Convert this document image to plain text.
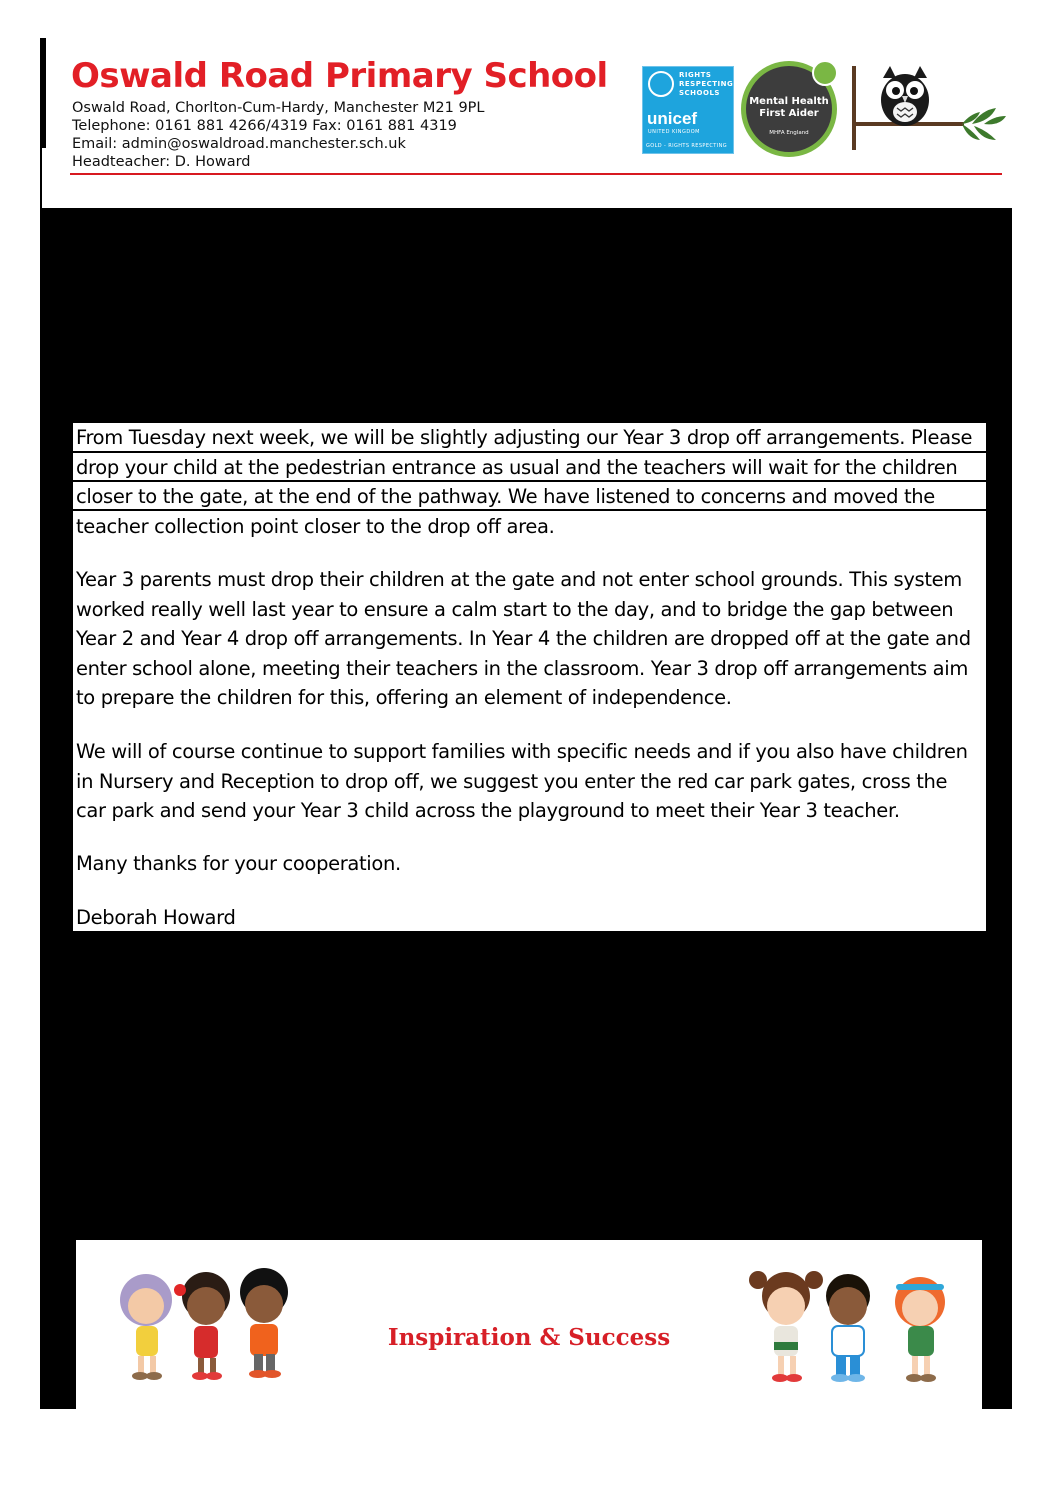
Oswald Road Primary School
Oswald Road, Chorlton-Cum-Hardy, Manchester M21 9PL
Telephone: 0161 881 4266/4319 Fax: 0161 881 4319
Email: admin@oswaldroad.manchester.sch.uk
Headteacher: D. Howard
RIGHTS
RESPECTING
SCHOOLS
unicef
UNITED KINGDOM
GOLD - RIGHTS RESPECTING
Mental Health
First Aider
MHFA England

From Tuesday next week, we will be slightly adjusting our Year 3 drop off arrangements. Please drop your child at the pedestrian entrance as usual and the teachers will wait for the children closer to the gate, at the end of the pathway. We have listened to concerns and moved the teacher collection point closer to the drop off area.

Year 3 parents must drop their children at the gate and not enter school grounds. This system worked really well last year to ensure a calm start to the day, and to bridge the gap between Year 2 and Year 4 drop off arrangements. In Year 4 the children are dropped off at the gate and enter school alone, meeting their teachers in the classroom. Year 3 drop off arrangements aim to prepare the children for this, offering an element of independence.

We will of course continue to support families with specific needs and if you also have children in Nursery and Reception to drop off, we suggest you enter the red car park gates, cross the car park and send your Year 3 child across the playground to meet their Year 3 teacher.

Many thanks for your cooperation.

Deborah Howard

Inspiration & Success
